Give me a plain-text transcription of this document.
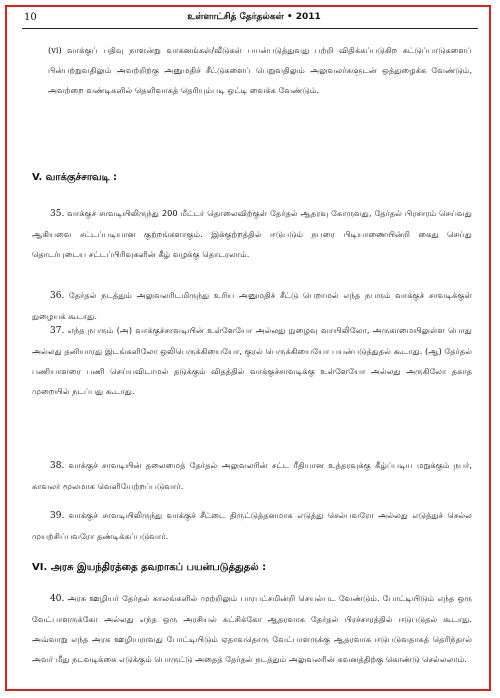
10	உள்ளாட்சித் தேர்தல்கள் • 2011

(vi) வாக்குப் பதிவு நாளன்று வாகனங்கள்/வீடுகள் பயன்படுத்துவது பற்றி விதிக்கப்படுகிற கட்டுப்பாடுகளைப் பின்பற்றுவதிலும் அவற்றிற்கு அனுமதிச் சீட்டுகளைப் பெறுவதிலும் அலுவலர்களுடன் ஒத்துழைக்க வேண்டும், அவற்றை வண்டிகளில் தெளிவாகத் தெரியும்படி ஒட்டி வைக்க வேண்டும்.

V. வாக்குச்சாவடி :

35. வாக்குச் சாவடியிலிருந்து 200 மீட்டர் தொலைவிற்குள் தேர்தல் ஆதரவு கோருவது, தேர்தல் பிரசாரம் செய்வது ஆகியவை சட்டப்படியான குற்றங்களாகும். இக்குற்றத்தில் ஈடுபடும் நபரை பிடியாணையின்றி கைது செய்து தொடர்புடைய சட்டப்பிரிவுகளின் கீழ் வழக்கு தொடரலாம்.

36. தேர்தல் நடத்தும் அலுவலரிடமிருந்து உரிய அனுமதிச் சீட்டு பெறாமல் எந்த நபரும் வாக்குச் சாவடிக்குள் நுழையக் கூடாது.

37. எந்த நபரும் (அ) வாக்குச்சாவடியின் உள்ளேயோ அல்லது நுழைவு வாயிலிலோ, அருகாமையிலுள்ள பொது அல்லது தனியாரது இடங்களிலோ ஒலிபெருக்கியையோ, குரல் பெருக்கியையோ பயன்படுத்துதல் கூடாது. (ஆ) தேர்தல் பணியாளரை பணி செய்யவிடாமல் தடுக்கும் விதத்தில் வாக்குச்சாவடிக்கு உள்ளேயோ அல்லது அருகிலோ தகாத முறையில் நடப்பது கூடாது.

38. வாக்குச் சாவடியின் தலைமைத் தேர்தல் அலுவலரின் சட்ட ரீதியான உத்தரவுக்கு கீழ்ப்படிய மறுக்கும் நபர், காவலர் மூலமாக வெளியேற்றப்படுவார்.

39. வாக்குச் சாவடியிலிருந்து வாக்குச் சீட்டை திருட்டுத்தனமாக எடுத்து செல்பவரோ அல்லது எடுத்துச் செல்ல முயற்சிப்பவரோ தண்டிக்கப்படுவார்.

VI. அரசு இயந்திரத்தை தவறாகப் பயன்படுத்துதல் :

40. அரசு ஊழியர் தேர்தல் காலங்களில் முற்றிலும் பாரபட்சமின்றி செயல்பட வேண்டும். போட்டியிடும் எந்த ஒரு வேட்பாளருக்கோ அல்லது எந்த ஒரு அரசியல் கட்சிக்கோ ஆதரவாக தேர்தல் பிரச்சாரத்தில் ஈடுபடுதல் கூடாது. அவ்வாறு எந்த அரசு ஊழியராவது போட்டியிடும் ஏதாவதொரு வேட்பாளருக்கு ஆதரவாக ஈடுபடுவதாகத் தெரிந்தால் அவர் மீது நடவடிக்கை எடுக்கும் பொருட்டு அதைத் தேர்தல் நடத்தும் அலுவலரின் கவனத்திற்கு கொண்டு செல்லலாம்.
